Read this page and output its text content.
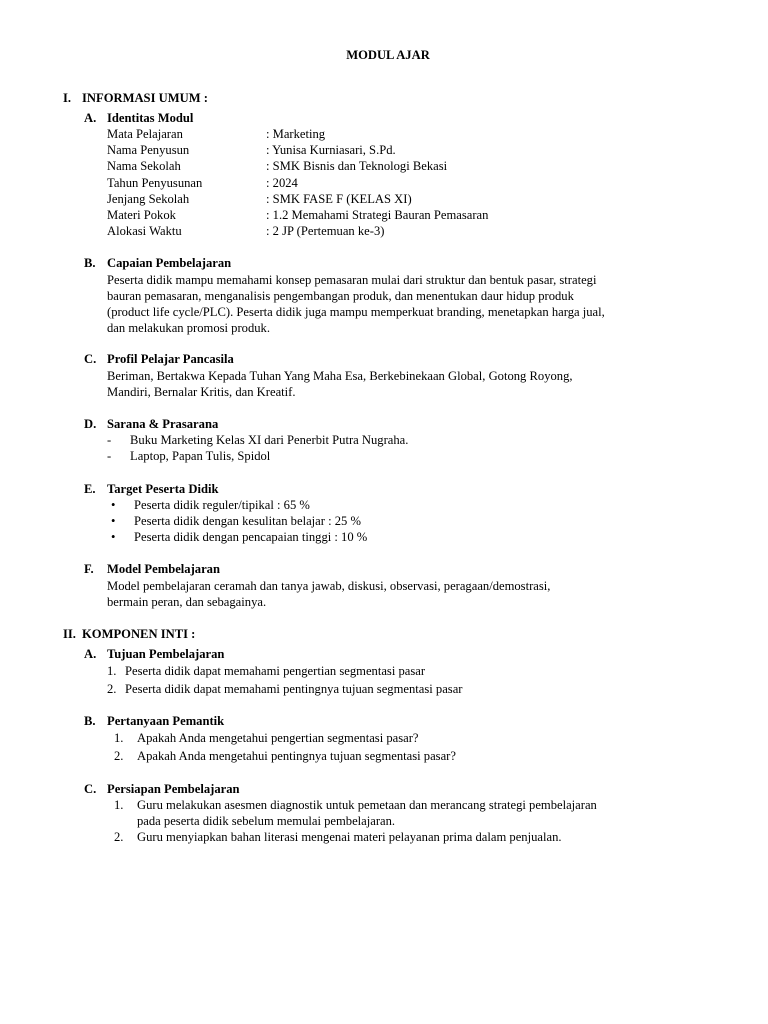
MODUL AJAR
I. INFORMASI UMUM :
A. Identitas Modul
Mata Pelajaran	: Marketing
Nama Penyusun	: Yunisa Kurniasari, S.Pd.
Nama Sekolah	: SMK Bisnis dan Teknologi Bekasi
Tahun Penyusunan	: 2024
Jenjang Sekolah	: SMK FASE F (KELAS XI)
Materi Pokok	: 1.2 Memahami Strategi Bauran Pemasaran
Alokasi Waktu	: 2 JP (Pertemuan ke-3)
B. Capaian Pembelajaran
Peserta didik mampu memahami konsep pemasaran mulai dari struktur dan bentuk pasar, strategi
bauran pemasaran, menganalisis pengembangan produk, dan menentukan daur hidup produk
(product life cycle/PLC). Peserta didik juga mampu memperkuat branding, menetapkan harga jual,
dan melakukan promosi produk.
C. Profil Pelajar Pancasila
Beriman, Bertakwa Kepada Tuhan Yang Maha Esa, Berkebinekaan Global, Gotong Royong,
Mandiri, Bernalar Kritis, dan Kreatif.
D. Sarana & Prasarana
- Buku Marketing Kelas XI dari Penerbit Putra Nugraha.
- Laptop, Papan Tulis, Spidol
E. Target Peserta Didik
• Peserta didik reguler/tipikal : 65 %
• Peserta didik dengan kesulitan belajar : 25 %
• Peserta didik dengan pencapaian tinggi : 10 %
F. Model Pembelajaran
Model pembelajaran ceramah dan tanya jawab, diskusi, observasi, peragaan/demostrasi,
bermain peran, dan sebagainya.
II. KOMPONEN INTI :
A. Tujuan Pembelajaran
1. Peserta didik dapat memahami pengertian segmentasi pasar
2. Peserta didik dapat memahami pentingnya tujuan segmentasi pasar
B. Pertanyaan Pemantik
1. Apakah Anda mengetahui pengertian segmentasi pasar?
2. Apakah Anda mengetahui pentingnya tujuan segmentasi pasar?
C. Persiapan Pembelajaran
1. Guru melakukan asesmen diagnostik untuk pemetaan dan merancang strategi pembelajaran
pada peserta didik sebelum memulai pembelajaran.
2. Guru menyiapkan bahan literasi mengenai materi pelayanan prima dalam penjualan.
